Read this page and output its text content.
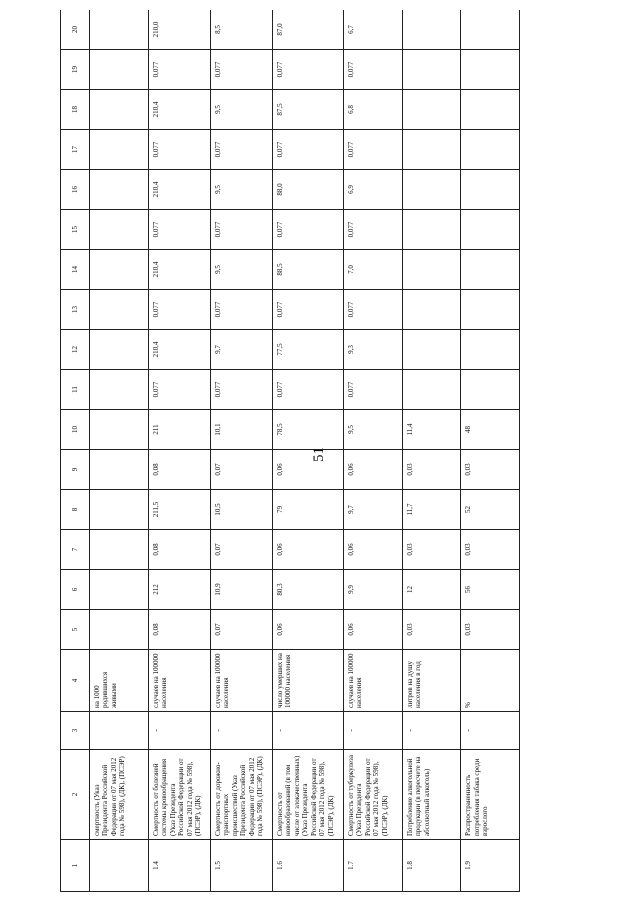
51
1	2	3	4	5	6	7	8	9	10	11	12	13	14	15	16	17	18	19	20
	смертность (Указ Президента Российской Федерации от 07 мая 2012 года № 598), (ДК), (ПСЭР)		на 1000 родившихся живыми																
1.4	Смертность от болезней системы кровообращения (Указ Президента Российской Федерации от 07 мая 2012 года № 598), (ПСЭР), (ДК)	-	случаев на 100000 населения	0,08	212	0,08	211,5	0,08	211	0,077	210,4	0,077	210,4	0,077	210,4	0,077	210,4	0,077	210,0
1.5	Смертность от дорожно-транспортных происшествий (Указ Президента Российской Федерации от 07 мая 2012 года № 598), (ПСЭР), (ДК)	-	случаев на 100000 населения	0,07	10,9	0,07	10,5	0,07	10,1	0,077	9,7	0,077	9,5	0,077	9,5	0,077	9,5	0,077	8,5
1.6	Смертность от новообразований (в том числе от злокачественных) (Указ Президента Российской Федерации от 07 мая 2012 года № 598), (ПСЭР), (ДК)	-	число умерших на 100000 населения	0,06	80,3	0,06	79	0,06	78,5	0,077	77,5	0,077	88,5	0,077	88,0	0,077	87,5	0,077	87,0
1.7	Смертность от туберкулеза (Указ Президента Российской Федерации от 07 мая 2012 года № 598), (ПСЭР), (ДК)	-	случаев на 100000 населения	0,06	9,9	0,06	9,7	0,06	9,5	0,077	9,3	0,077	7,0	0,077	6,9	0,077	6,8	0,077	6,7
1.8	Потребление алкогольной продукции (в пересчете на абсолютный алкоголь)	-	литров на душу населения в год	0,03	12	0,03	11,7	0,03	11,4										
1.9	Распространенность потребления табака среди взрослого	-	%	0,03	56	0,03	52	0,03	48										
